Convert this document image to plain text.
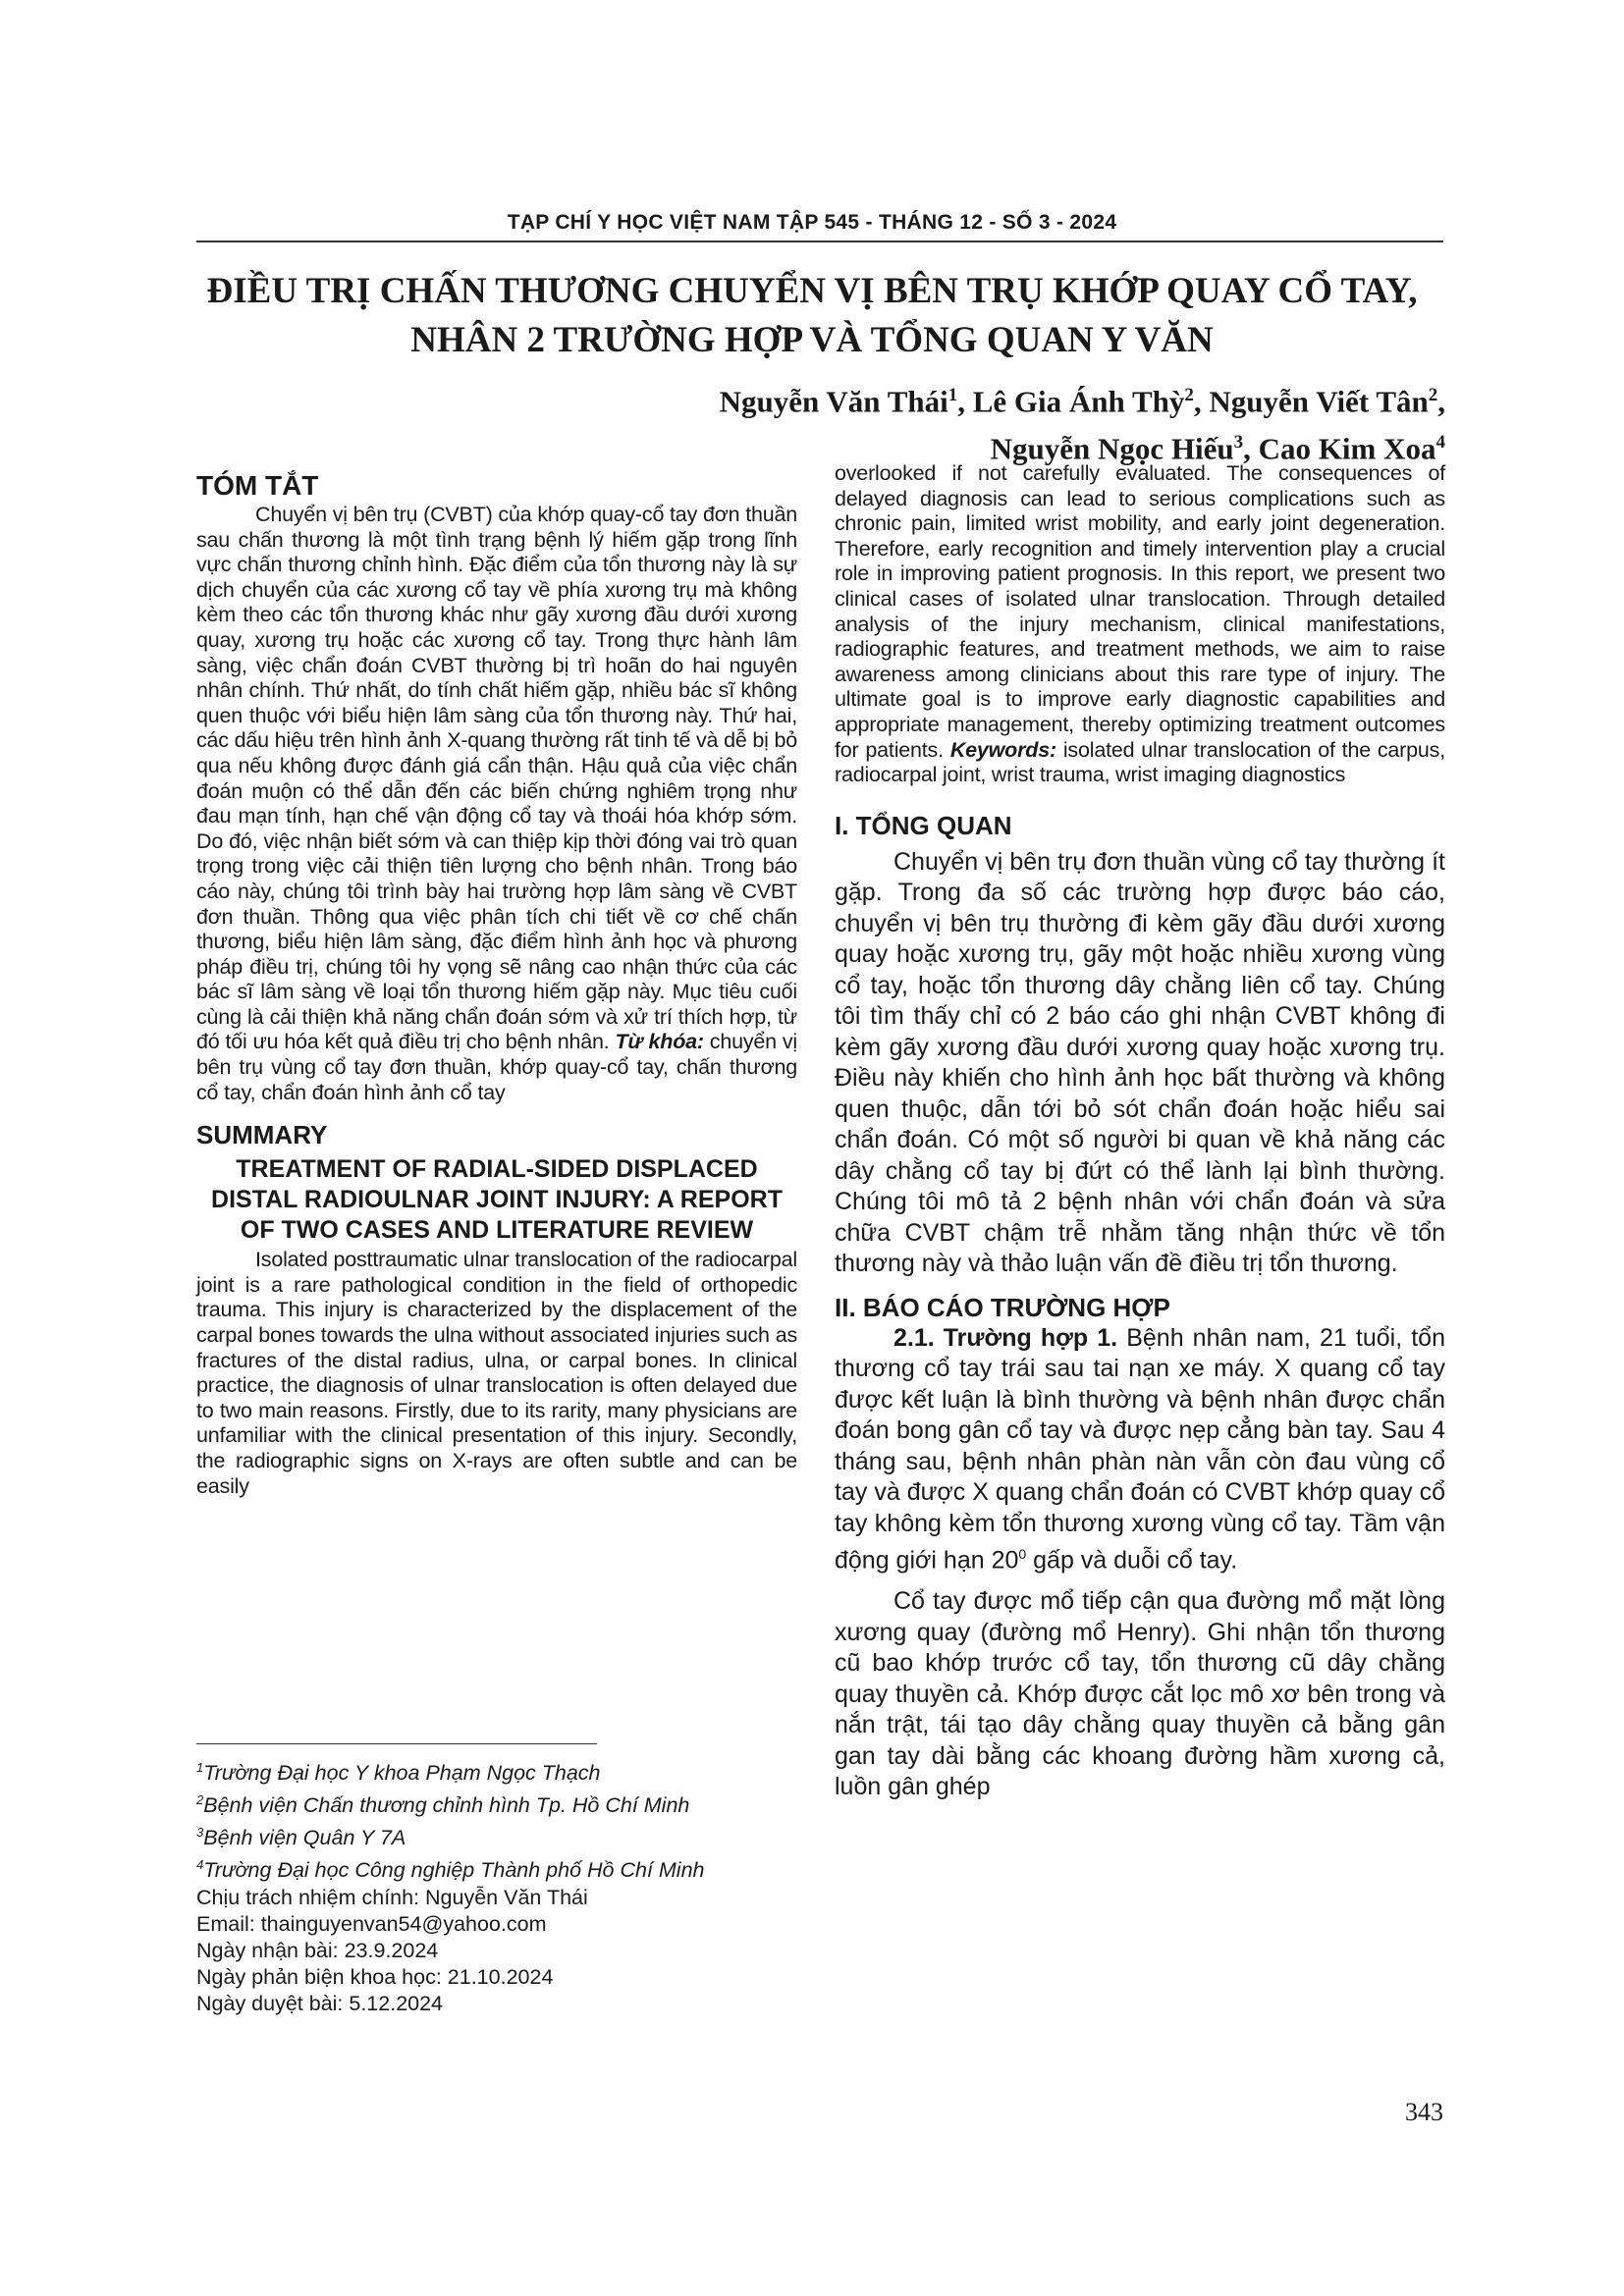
TẠP CHÍ Y HỌC VIỆT NAM TẬP 545 - THÁNG 12 - SỐ 3 - 2024
ĐIỀU TRỊ CHẤN THƯƠNG CHUYỂN VỊ BÊN TRỤ KHỚP QUAY CỔ TAY,
NHÂN 2 TRƯỜNG HỢP VÀ TỔNG QUAN Y VĂN
Nguyễn Văn Thái$^1$, Lê Gia Ánh Thỳ$^2$, Nguyễn Viết Tân$^2$,
Nguyễn Ngọc Hiếu$^3$, Cao Kim Xoa$^4$
TÓM TẮT

Chuyển vị bên trụ (CVBT) của khớp quay-cổ tay đơn thuần sau chấn thương là một tình trạng bệnh lý hiếm gặp trong lĩnh vực chấn thương chỉnh hình. Đặc điểm của tổn thương này là sự dịch chuyển của các xương cổ tay về phía xương trụ mà không kèm theo các tổn thương khác như gãy xương đầu dưới xương quay, xương trụ hoặc các xương cổ tay. Trong thực hành lâm sàng, việc chẩn đoán CVBT thường bị trì hoãn do hai nguyên nhân chính. Thứ nhất, do tính chất hiếm gặp, nhiều bác sĩ không quen thuộc với biểu hiện lâm sàng của tổn thương này. Thứ hai, các dấu hiệu trên hình ảnh X-quang thường rất tinh tế và dễ bị bỏ qua nếu không được đánh giá cẩn thận. Hậu quả của việc chẩn đoán muộn có thể dẫn đến các biến chứng nghiêm trọng như đau mạn tính, hạn chế vận động cổ tay và thoái hóa khớp sớm. Do đó, việc nhận biết sớm và can thiệp kịp thời đóng vai trò quan trọng trong việc cải thiện tiên lượng cho bệnh nhân. Trong báo cáo này, chúng tôi trình bày hai trường hợp lâm sàng về CVBT đơn thuần. Thông qua việc phân tích chi tiết về cơ chế chấn thương, biểu hiện lâm sàng, đặc điểm hình ảnh học và phương pháp điều trị, chúng tôi hy vọng sẽ nâng cao nhận thức của các bác sĩ lâm sàng về loại tổn thương hiếm gặp này. Mục tiêu cuối cùng là cải thiện khả năng chẩn đoán sớm và xử trí thích hợp, từ đó tối ưu hóa kết quả điều trị cho bệnh nhân. Từ khóa: chuyển vị bên trụ vùng cổ tay đơn thuần, khớp quay-cổ tay, chấn thương cổ tay, chẩn đoán hình ảnh cổ tay

SUMMARY
TREATMENT OF RADIAL-SIDED DISPLACED DISTAL RADIOULNAR JOINT INJURY: A REPORT OF TWO CASES AND LITERATURE REVIEW

Isolated posttraumatic ulnar translocation of the radiocarpal joint is a rare pathological condition in the field of orthopedic trauma. This injury is characterized by the displacement of the carpal bones towards the ulna without associated injuries such as fractures of the distal radius, ulna, or carpal bones. In clinical practice, the diagnosis of ulnar translocation is often delayed due to two main reasons. Firstly, due to its rarity, many physicians are unfamiliar with the clinical presentation of this injury. Secondly, the radiographic signs on X-rays are often subtle and can be easily

overlooked if not carefully evaluated. The consequences of delayed diagnosis can lead to serious complications such as chronic pain, limited wrist mobility, and early joint degeneration. Therefore, early recognition and timely intervention play a crucial role in improving patient prognosis. In this report, we present two clinical cases of isolated ulnar translocation. Through detailed analysis of the injury mechanism, clinical manifestations, radiographic features, and treatment methods, we aim to raise awareness among clinicians about this rare type of injury. The ultimate goal is to improve early diagnostic capabilities and appropriate management, thereby optimizing treatment outcomes for patients. Keywords: isolated ulnar translocation of the carpus, radiocarpal joint, wrist trauma, wrist imaging diagnostics

I. TỔNG QUAN

Chuyển vị bên trụ đơn thuần vùng cổ tay thường ít gặp. Trong đa số các trường hợp được báo cáo, chuyển vị bên trụ thường đi kèm gãy đầu dưới xương quay hoặc xương trụ, gãy một hoặc nhiều xương vùng cổ tay, hoặc tổn thương dây chằng liên cổ tay. Chúng tôi tìm thấy chỉ có 2 báo cáo ghi nhận CVBT không đi kèm gãy xương đầu dưới xương quay hoặc xương trụ. Điều này khiến cho hình ảnh học bất thường và không quen thuộc, dẫn tới bỏ sót chẩn đoán hoặc hiểu sai chẩn đoán. Có một số người bi quan về khả năng các dây chằng cổ tay bị đứt có thể lành lại bình thường. Chúng tôi mô tả 2 bệnh nhân với chẩn đoán và sửa chữa CVBT chậm trễ nhằm tăng nhận thức về tổn thương này và thảo luận vấn đề điều trị tổn thương.

II. BÁO CÁO TRƯỜNG HỢP

2.1. Trường hợp 1. Bệnh nhân nam, 21 tuổi, tổn thương cổ tay trái sau tai nạn xe máy. X quang cổ tay được kết luận là bình thường và bệnh nhân được chẩn đoán bong gân cổ tay và được nẹp cẳng bàn tay. Sau 4 tháng sau, bệnh nhân phàn nàn vẫn còn đau vùng cổ tay và được X quang chẩn đoán có CVBT khớp quay cổ tay không kèm tổn thương xương vùng cổ tay. Tầm vận động giới hạn $20^0$ gấp và duỗi cổ tay.

Cổ tay được mổ tiếp cận qua đường mổ mặt lòng xương quay (đường mổ Henry). Ghi nhận tổn thương cũ bao khớp trước cổ tay, tổn thương cũ dây chằng quay thuyền cả. Khớp được cắt lọc mô xơ bên trong và nắn trật, tái tạo dây chằng quay thuyền cả bằng gân gan tay dài bằng các khoang đường hầm xương cả, luồn gân ghép

$^1$Trường Đại học Y khoa Phạm Ngọc Thạch
$^2$Bệnh viện Chấn thương chỉnh hình Tp. Hồ Chí Minh
$^3$Bệnh viện Quân Y 7A
$^4$Trường Đại học Công nghiệp Thành phố Hồ Chí Minh
Chịu trách nhiệm chính: Nguyễn Văn Thái
Email: thainguyenvan54@yahoo.com
Ngày nhận bài: 23.9.2024
Ngày phản biện khoa học: 21.10.2024
Ngày duyệt bài: 5.12.2024
343
